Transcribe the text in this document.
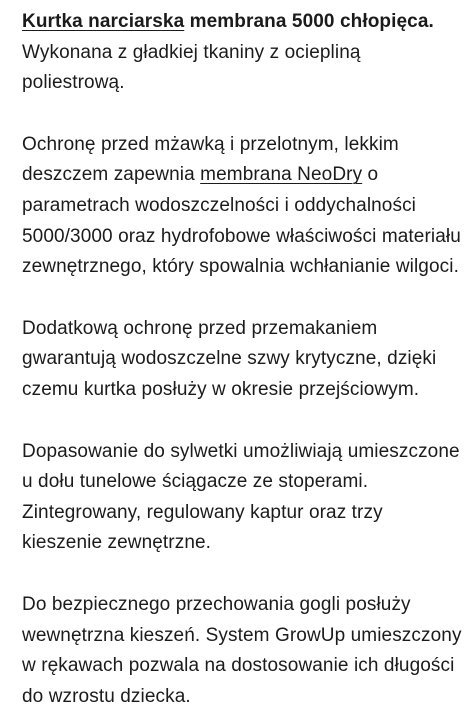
Kurtka narciarska membrana 5000 chłopięca. Wykonana z gładkiej tkaniny z ociepliną poliestrową.

Ochronę przed mżawką i przelotnym, lekkim deszczem zapewnia membrana NeoDry o parametrach wodoszczelności i oddychalności 5000/3000 oraz hydrofobowe właściwości materiału zewnętrznego, który spowalnia wchłanianie wilgoci.

Dodatkową ochronę przed przemakaniem gwarantują wodoszczelne szwy krytyczne, dzięki czemu kurtka posłuży w okresie przejściowym.

Dopasowanie do sylwetki umożliwiają umieszczone u dołu tunelowe ściągacze ze stoperami. Zintegrowany, regulowany kaptur oraz trzy kieszenie zewnętrzne.

Do bezpiecznego przechowania gogli posłuży wewnętrzna kieszeń. System GrowUp umieszczony w rękawach pozwala na dostosowanie ich długości do wzrostu dziecka.
